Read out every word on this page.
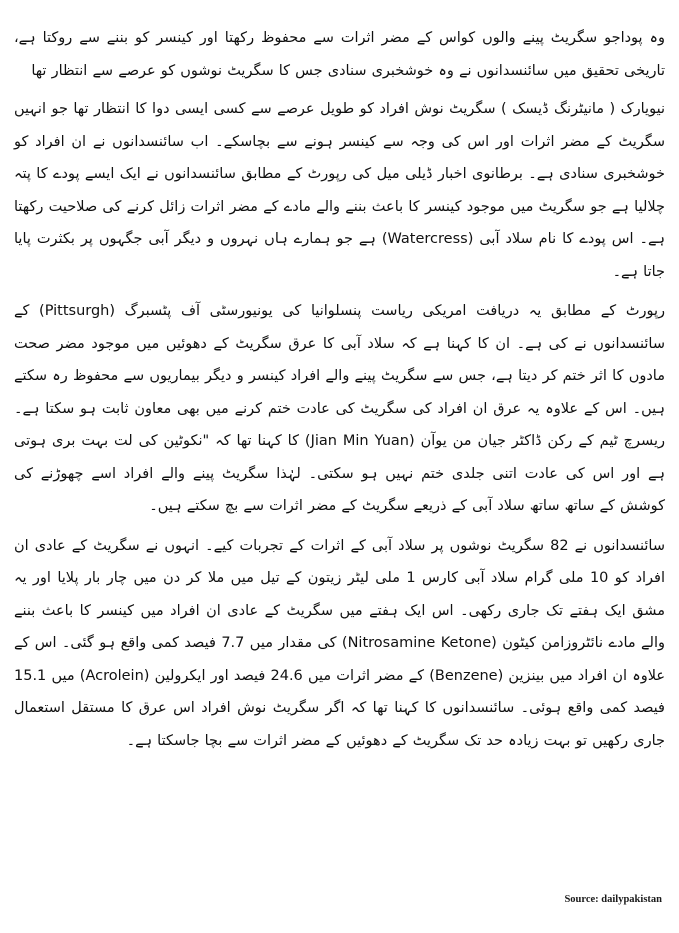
وہ پوداجو سگریٹ پینے والوں کواس کے مضر اثرات سے محفوظ رکھتا اور کینسر کو بننے سے روکتا ہے، تاریخی تحقیق میں سائنسدانوں نے وہ خوشخبری سنادی جس کا سگریٹ نوشوں کو عرصے سے انتظار تھا

نیویارک ( مانیٹرنگ ڈیسک ) سگریٹ نوش افراد کو طویل عرصے سے کسی ایسی دوا کا انتظار تھا جو انہیں سگریٹ کے مضر اثرات اور اس کی وجہ سے کینسر ہونے سے بچاسکے۔ اب سائنسدانوں نے ان افراد کو خوشخبری سنادی ہے۔ برطانوی اخبار ڈیلی میل کی رپورٹ کے مطابق سائنسدانوں نے ایک ایسے پودے کا پتہ چلالیا ہے جو سگریٹ میں موجود کینسر کا باعث بننے والے مادے کے مضر اثرات زائل کرنے کی صلاحیت رکھتا ہے۔ اس پودے کا نام سلاد آبی (Watercress) ہے جو ہمارے ہاں نہروں و دیگر آبی جگہوں پر بکثرت پایا جاتا ہے۔

رپورٹ کے مطابق یہ دریافت امریکی ریاست پنسلوانیا کی یونیورسٹی آف پٹسبرگ (Pittsurgh) کے سائنسدانوں نے کی ہے۔ ان کا کہنا ہے کہ سلاد آبی کا عرق سگریٹ کے دھوئیں میں موجود مضر صحت مادوں کا اثر ختم کر دیتا ہے، جس سے سگریٹ پینے والے افراد کینسر و دیگر بیماریوں سے محفوظ رہ سکتے ہیں۔ اس کے علاوہ یہ عرق ان افراد کی سگریٹ کی عادت ختم کرنے میں بھی معاون ثابت ہو سکتا ہے۔ ریسرچ ٹیم کے رکن ڈاکٹر جیان من یوآن (Jian Min Yuan) کا کہنا تھا کہ "نکوٹین کی لت بہت بری ہوتی ہے اور اس کی عادت اتنی جلدی ختم نہیں ہو سکتی۔ لہٰذا سگریٹ پینے والے افراد اسے چھوڑنے کی کوشش کے ساتھ ساتھ سلاد آبی کے ذریعے سگریٹ کے مضر اثرات سے بچ سکتے ہیں۔

سائنسدانوں نے 82 سگریٹ نوشوں پر سلاد آبی کے اثرات کے تجربات کیے۔ انہوں نے سگریٹ کے عادی ان افراد کو 10 ملی گرام سلاد آبی کارس 1 ملی لیٹر زیتون کے تیل میں ملا کر دن میں چار بار پلایا اور یہ مشق ایک ہفتے تک جاری رکھی۔ اس ایک ہفتے میں سگریٹ کے عادی ان افراد میں کینسر کا باعث بننے والے مادے نائٹروزامن کیٹون (Nitrosamine Ketone) کی مقدار میں 7.7 فیصد کمی واقع ہو گئی۔ اس کے علاوہ ان افراد میں بینزین (Benzene) کے مضر اثرات میں 24.6 فیصد اور ایکرولین (Acrolein) میں 15.1 فیصد کمی واقع ہوئی۔ سائنسدانوں کا کہنا تھا کہ اگر سگریٹ نوش افراد اس عرق کا مستقل استعمال جاری رکھیں تو بہت زیادہ حد تک سگریٹ کے دھوئیں کے مضر اثرات سے بچا جاسکتا ہے۔

Source: dailypakistan
